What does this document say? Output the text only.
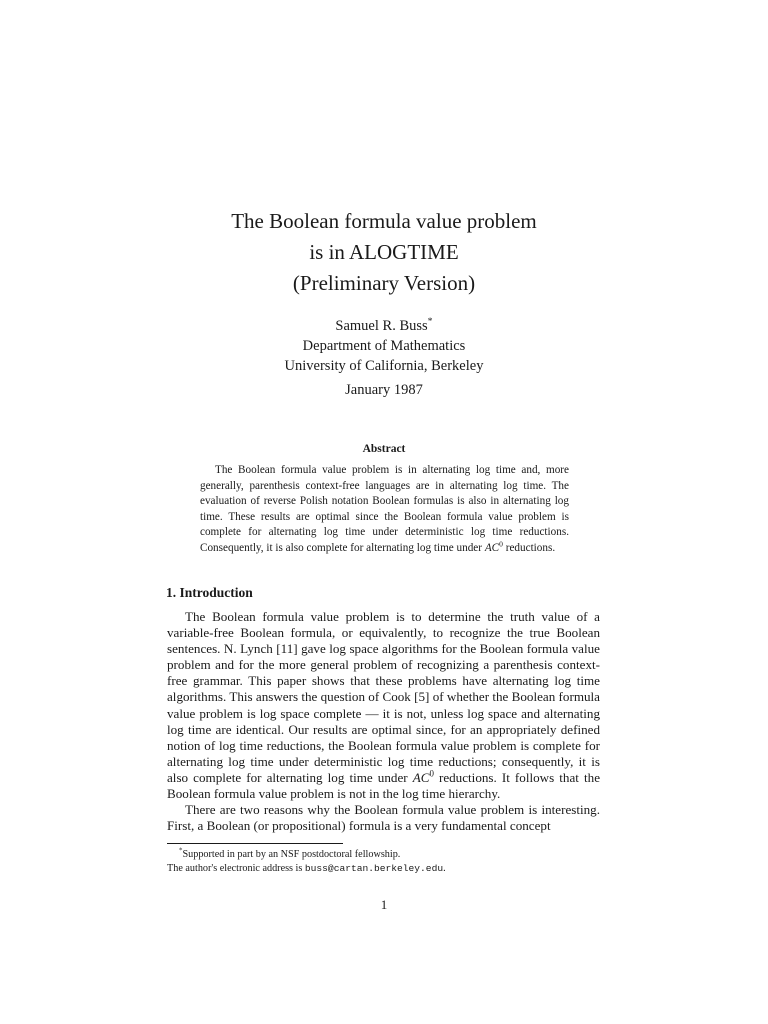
The Boolean formula value problem
is in ALOGTIME
(Preliminary Version)
Samuel R. Buss*
Department of Mathematics
University of California, Berkeley
January 1987
Abstract
The Boolean formula value problem is in alternating log time and, more generally, parenthesis context-free languages are in alternating log time. The evaluation of reverse Polish notation Boolean formulas is also in alternating log time. These results are optimal since the Boolean formula value problem is complete for alternating log time under deterministic log time reductions. Consequently, it is also complete for alternating log time under $AC^0$ reductions.
1. Introduction

The Boolean formula value problem is to determine the truth value of a variable-free Boolean formula, or equivalently, to recognize the true Boolean sentences. N. Lynch [11] gave log space algorithms for the Boolean formula value problem and for the more general problem of recognizing a parenthesis context-free grammar. This paper shows that these problems have alternating log time algorithms. This answers the question of Cook [5] of whether the Boolean formula value problem is log space complete — it is not, unless log space and alternating log time are identical. Our results are optimal since, for an appropriately defined notion of log time reductions, the Boolean formula value problem is complete for alternating log time under deterministic log time reductions; consequently, it is also complete for alternating log time under $AC^0$ reductions. It follows that the Boolean formula value problem is not in the log time hierarchy.

There are two reasons why the Boolean formula value problem is interesting. First, a Boolean (or propositional) formula is a very fundamental concept

*Supported in part by an NSF postdoctoral fellowship.
The author's electronic address is buss@cartan.berkeley.edu.
1
